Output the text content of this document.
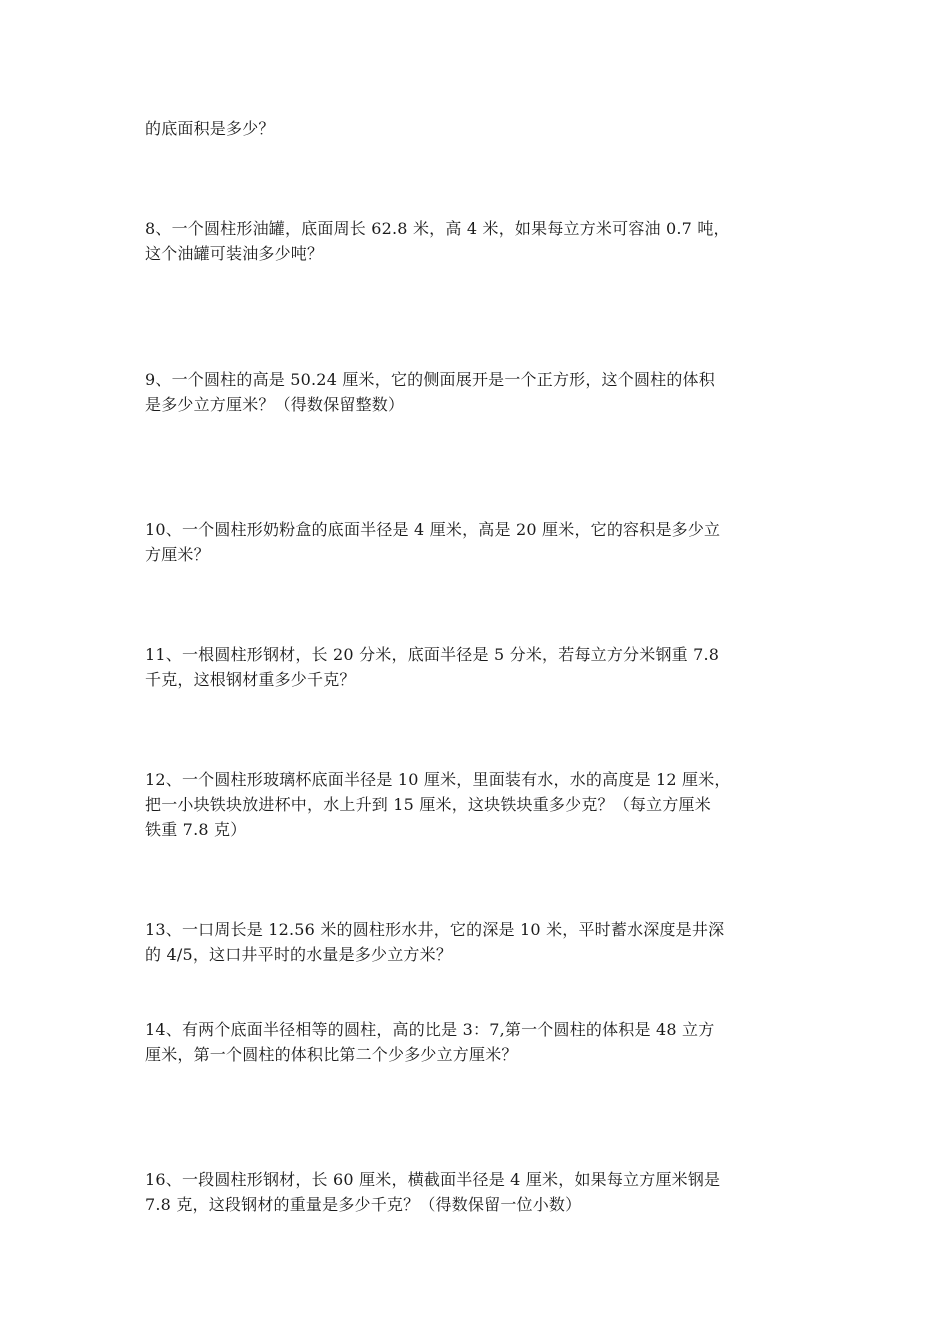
的底面积是多少？
8、一个圆柱形油罐，底面周长 62.8 米，高 4 米，如果每立方米可容油 0.7 吨，
这个油罐可装油多少吨？
9、一个圆柱的高是 50.24 厘米，它的侧面展开是一个正方形，这个圆柱的体积
是多少立方厘米？（得数保留整数）
10、一个圆柱形奶粉盒的底面半径是 4 厘米，高是 20 厘米，它的容积是多少立
方厘米？
11、一根圆柱形钢材，长 20 分米，底面半径是 5 分米，若每立方分米钢重 7.8
千克，这根钢材重多少千克？
12、一个圆柱形玻璃杯底面半径是 10 厘米，里面装有水，水的高度是 12 厘米，
把一小块铁块放进杯中，水上升到 15 厘米，这块铁块重多少克？（每立方厘米
铁重 7.8 克）
13、一口周长是 12.56 米的圆柱形水井，它的深是 10 米，平时蓄水深度是井深
的 4/5，这口井平时的水量是多少立方米？
14、有两个底面半径相等的圆柱，高的比是 3：7,第一个圆柱的体积是 48 立方
厘米，第一个圆柱的体积比第二个少多少立方厘米？
16、一段圆柱形钢材，长 60 厘米，横截面半径是 4 厘米，如果每立方厘米钢是
7.8 克，这段钢材的重量是多少千克？（得数保留一位小数）
